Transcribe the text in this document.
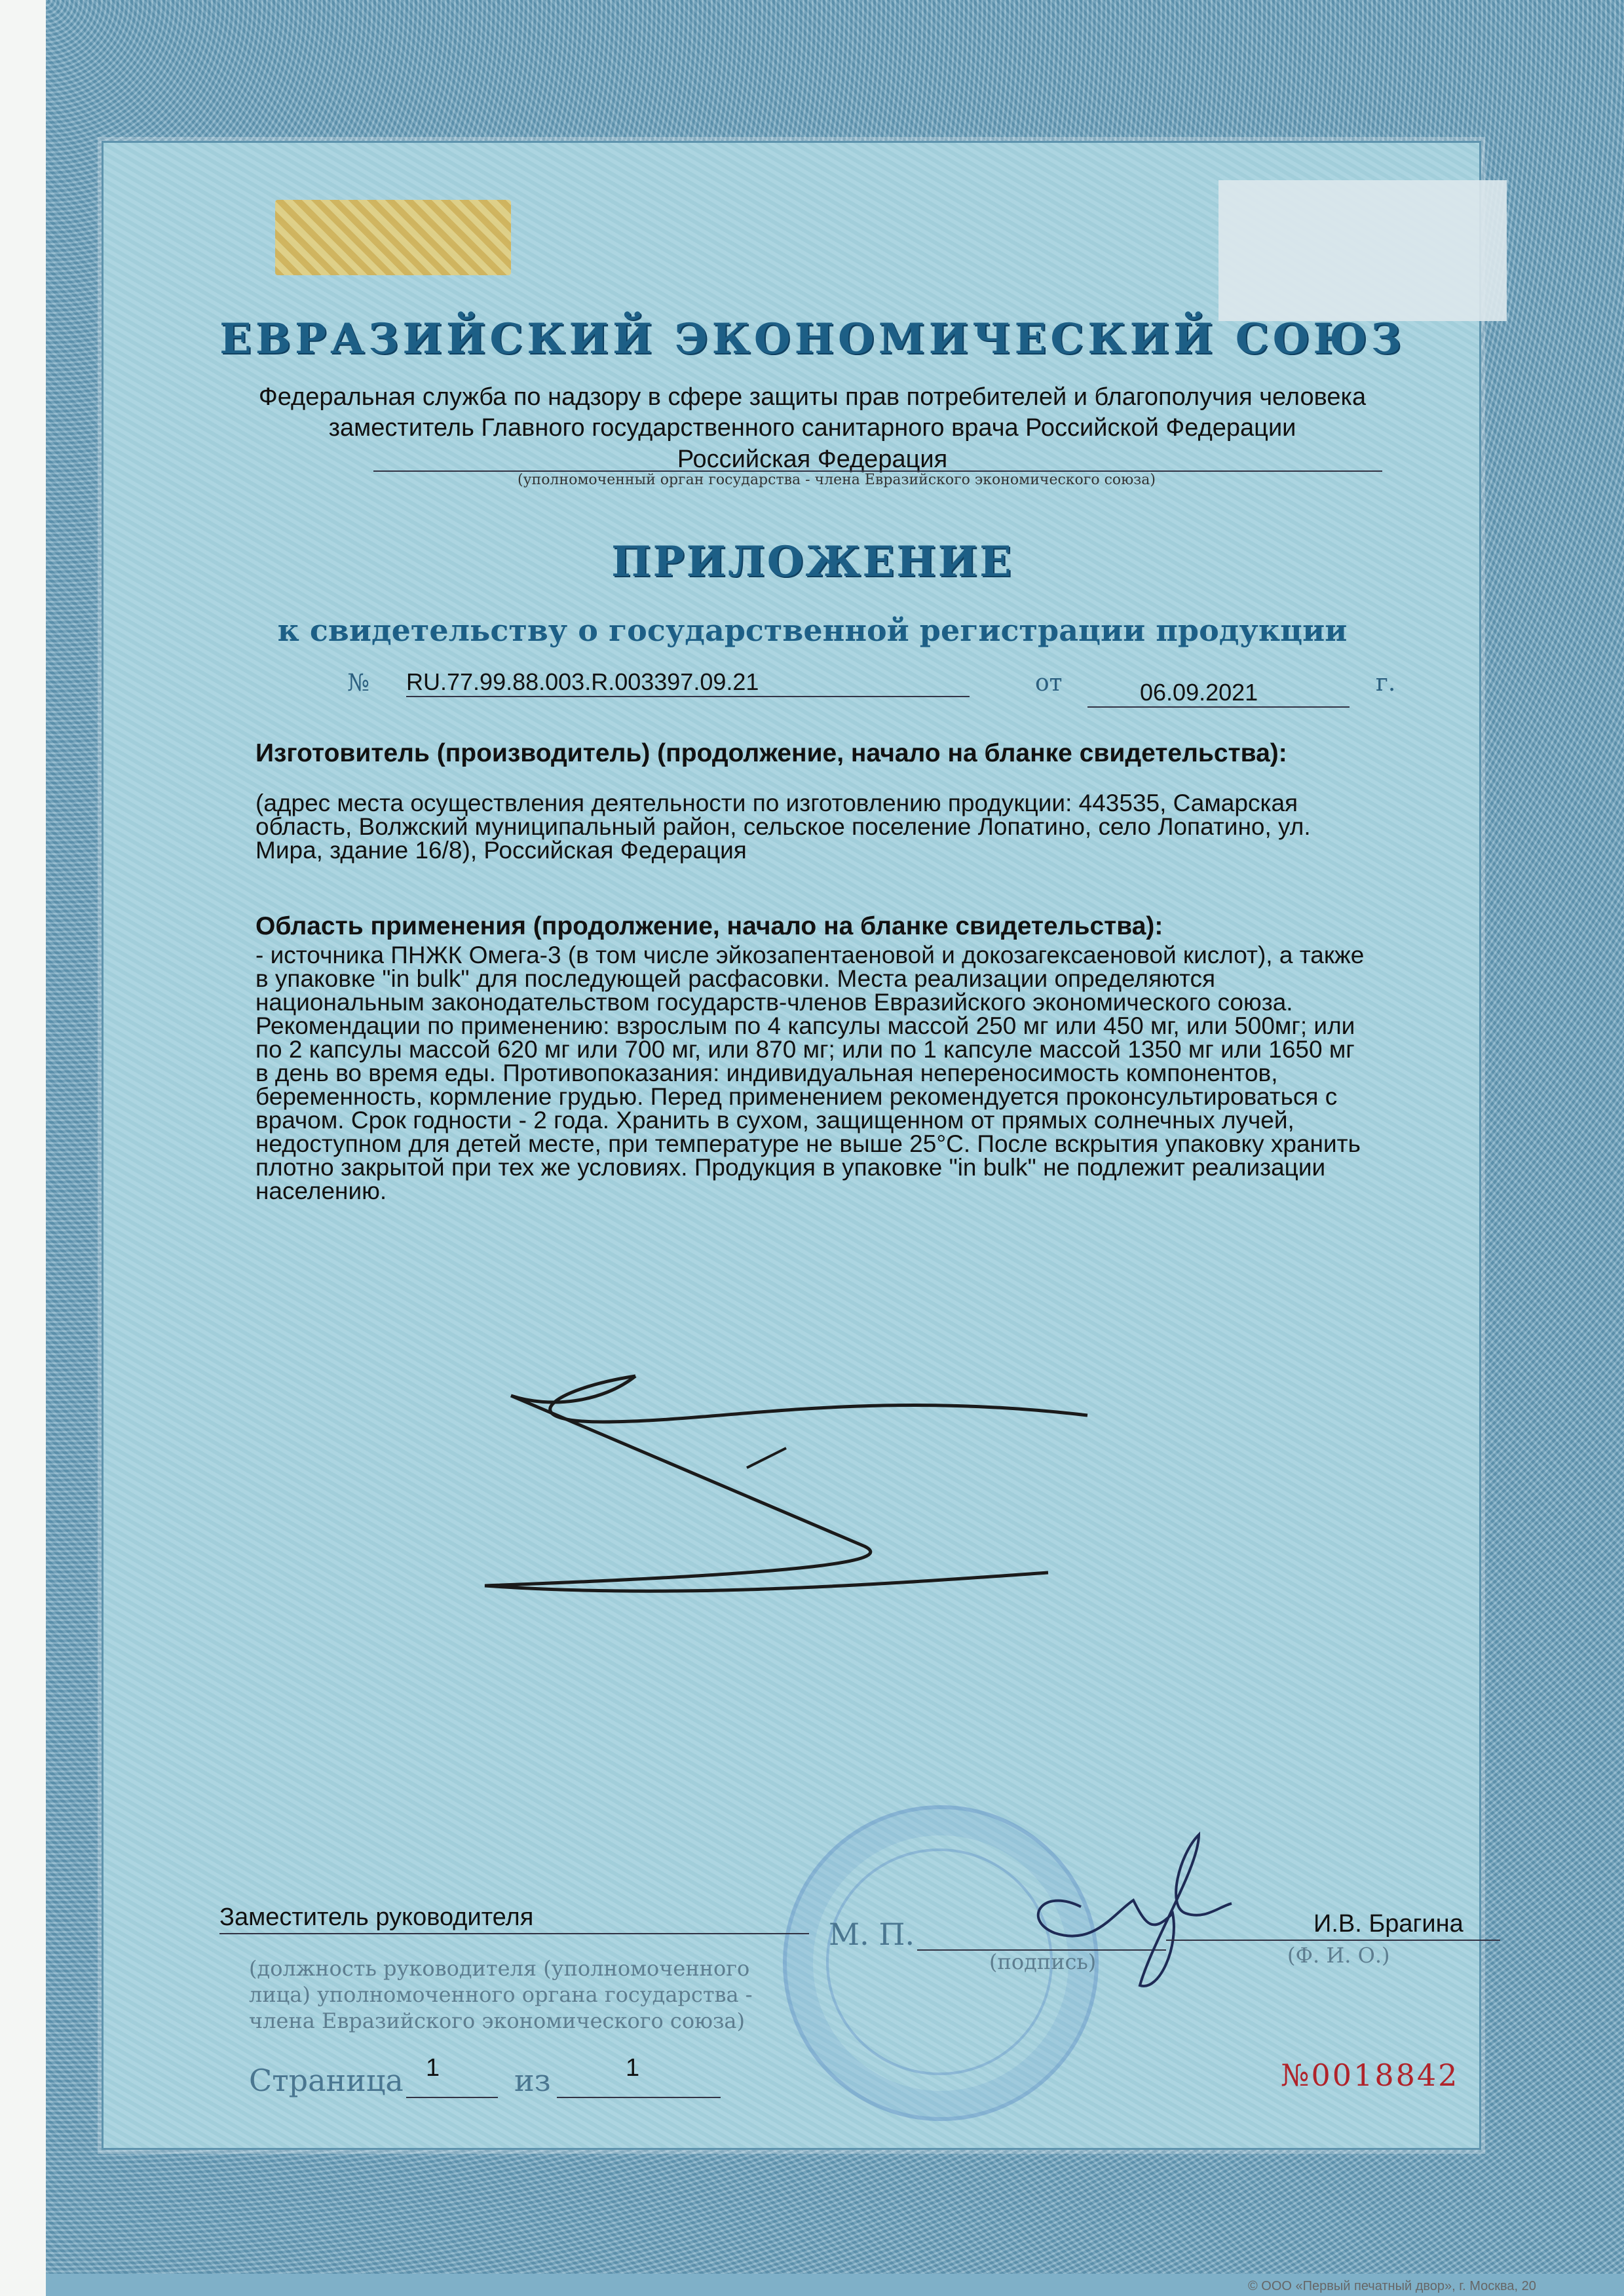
ЕВРАЗИЙСКИЙ ЭКОНОМИЧЕСКИЙ СОЮЗ
Федеральная служба по надзору в сфере защиты прав потребителей и благополучия человека
заместитель Главного государственного санитарного врача Российской Федерации
Российская Федерация
(уполномоченный орган государства - члена Евразийского экономического союза)
ПРИЛОЖЕНИЕ
к свидетельству о государственной регистрации продукции
№ RU.77.99.88.003.R.003397.09.21	от	06.09.2021	г.
Изготовитель (производитель) (продолжение, начало на бланке свидетельства):

(адрес места осуществления деятельности по изготовлению продукции: 443535, Самарская

область, Волжский муниципальный район, сельское поселение Лопатино, село Лопатино, ул.

Мира, здание 16/8), Российская Федерация

Область применения (продолжение, начало на бланке свидетельства):

- источника ПНЖК Омега-3 (в том числе эйкозапентаеновой и докозагексаеновой кислот), а также

в упаковке "in bulk" для последующей расфасовки. Места реализации определяются

национальным законодательством государств-членов Евразийского экономического союза.

Рекомендации по применению: взрослым по 4 капсулы массой 250 мг или 450 мг, или 500мг; или

по 2 капсулы массой 620 мг или 700 мг, или 870 мг; или по 1 капсуле массой 1350 мг или 1650 мг

в день во время еды. Противопоказания: индивидуальная непереносимость компонентов,

беременность, кормление грудью. Перед применением рекомендуется проконсультироваться с

врачом. Срок годности - 2 года. Хранить в сухом, защищенном от прямых солнечных лучей,

недоступном для детей месте, при температуре не выше 25°C. После вскрытия упаковку хранить

плотно закрытой при тех же условиях. Продукция в упаковке "in bulk" не подлежит реализации

населению.

Заместитель руководителя
(должность руководителя (уполномоченного
лица) уполномоченного органа государства -
члена Евразийского экономического союза)
М. П.
(подпись)
И.В. Брагина
(Ф. И. О.)
Страница 1 из	1	№0018842
© ООО «Первый печатный двор», г. Москва, 20
